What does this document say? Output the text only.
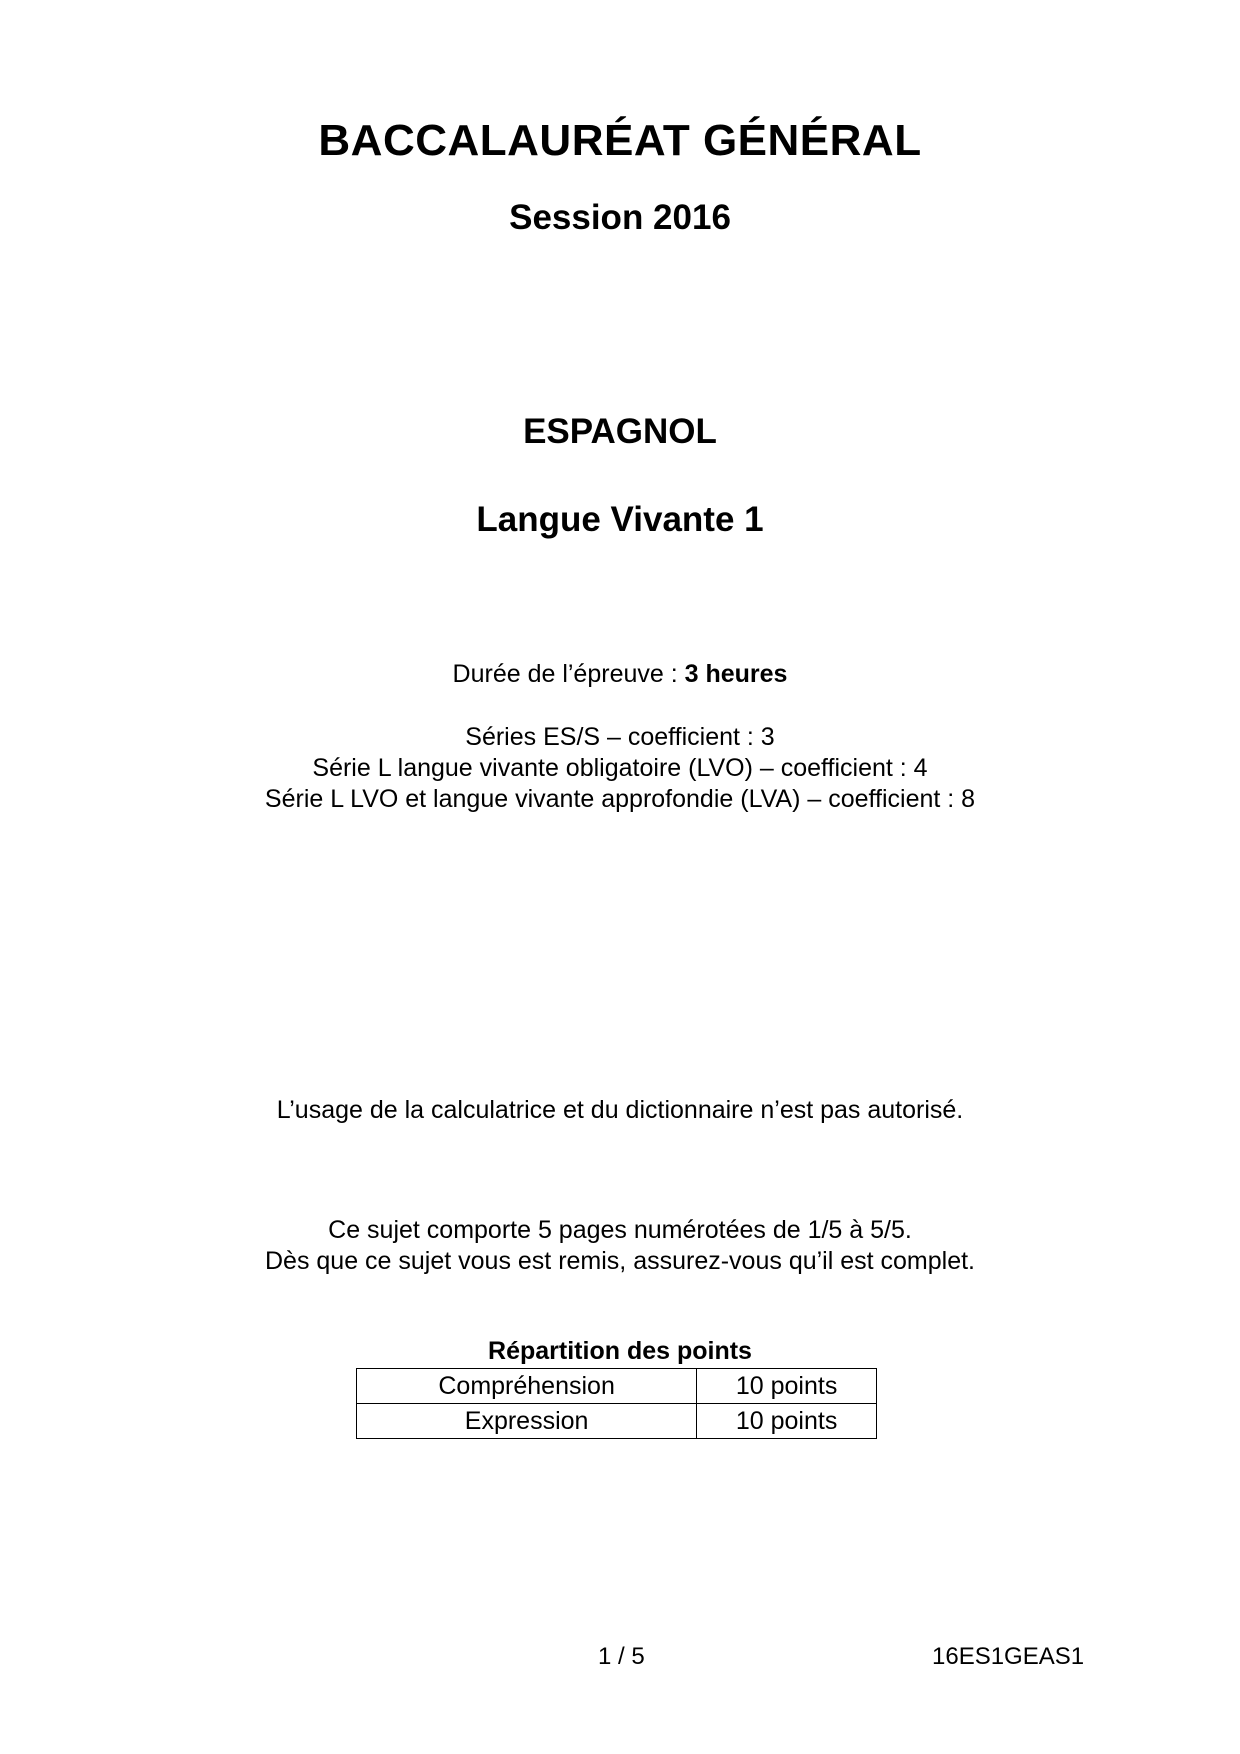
BACCALAURÉAT GÉNÉRAL
Session 2016
ESPAGNOL
Langue Vivante 1
Durée de l’épreuve : 3 heures
Séries ES/S – coefficient : 3
Série L langue vivante obligatoire (LVO) – coefficient : 4
Série L LVO et langue vivante approfondie (LVA) – coefficient : 8
L’usage de la calculatrice et du dictionnaire n’est pas autorisé.
Ce sujet comporte 5 pages numérotées de 1/5 à 5/5.
Dès que ce sujet vous est remis, assurez-vous qu’il est complet.
Répartition des points
Compréhension	10 points
Expression	10 points
1 / 5	16ES1GEAS1
